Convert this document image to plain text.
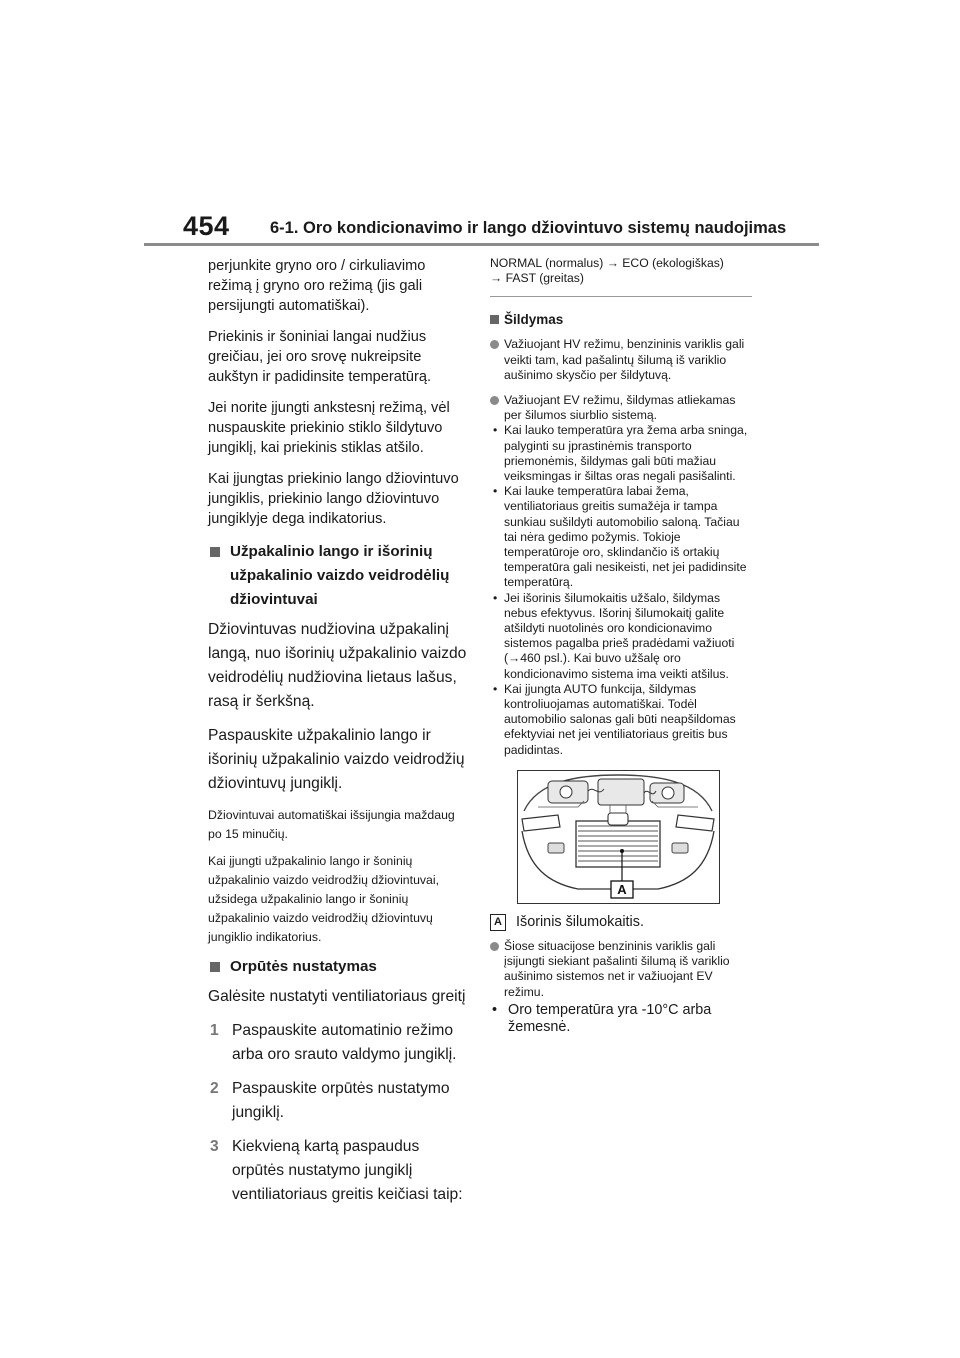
454 6-1. Oro kondicionavimo ir lango džiovintuvo sistemų naudojimas

perjunkite gryno oro / cirkuliavimo režimą į gryno oro režimą (jis gali persijungti automatiškai).

Priekinis ir šoniniai langai nudžius greičiau, jei oro srovę nukreipsite aukštyn ir padidinsite temperatūrą.

Jei norite įjungti ankstesnį režimą, vėl nuspauskite priekinio stiklo šildytuvo jungiklį, kai priekinis stiklas atšilo.

Kai įjungtas priekinio lango džiovintuvo jungiklis, priekinio lango džiovintuvo jungiklyje dega indikatorius.

Užpakalinio lango ir išorinių užpakalinio vaizdo veidrodėlių džiovintuvai

Džiovintuvas nudžiovina užpakalinį langą, nuo išorinių užpakalinio vaizdo veidrodėlių nudžiovina lietaus lašus, rasą ir šerkšną.

Paspauskite užpakalinio lango ir išorinių užpakalinio vaizdo veidrodžių džiovintuvų jungiklį.

Džiovintuvai automatiškai išsijungia maždaug po 15 minučių.

Kai įjungti užpakalinio lango ir šoninių užpakalinio vaizdo veidrodžių džiovintuvai, užsidega užpakalinio lango ir šoninių užpakalinio vaizdo veidrodžių džiovintuvų jungiklio indikatorius.

Orpūtės nustatymas

Galėsite nustatyti ventiliatoriaus greitį

1 Paspauskite automatinio režimo arba oro srauto valdymo jungiklį.
2 Paspauskite orpūtės nustatymo jungiklį.
3 Kiekvieną kartą paspaudus orpūtės nustatymo jungiklį ventiliatoriaus greitis keičiasi taip:
NORMAL (normalus) → ECO (ekologiškas)
→ FAST (greitas)
Šildymas
Važiuojant HV režimu, benzininis variklis gali veikti tam, kad pašalintų šilumą iš variklio aušinimo skysčio per šildytuvą.
Važiuojant EV režimu, šildymas atliekamas per šilumos siurblio sistemą.
• Kai lauko temperatūra yra žema arba sninga, palyginti su įprastinėmis transporto priemonėmis, šildymas gali būti mažiau veiksmingas ir šiltas oras negali pasišalinti.
• Kai lauke temperatūra labai žema, ventiliatoriaus greitis sumažėja ir tampa sunkiau sušildyti automobilio saloną. Tačiau tai nėra gedimo požymis. Tokioje temperatūroje oro, sklindančio iš ortakių temperatūra gali nesikeisti, net jei padidinsite temperatūrą.
• Jei išorinis šilumokaitis užšalo, šildymas nebus efektyvus. Išorinį šilumokaitį galite atšildyti nuotolinės oro kondicionavimo sistemos pagalba prieš pradėdami važiuoti (→460 psl.). Kai buvo užšalę oro kondicionavimo sistema ima veikti atšilus.
• Kai įjungta AUTO funkcija, šildymas kontroliuojamas automatiškai. Todėl automobilio salonas gali būti neapšildomas efektyviai net jei ventiliatoriaus greitis bus padidintas.
A
A Išorinis šilumokaitis.
Šiose situacijose benzininis variklis gali įsijungti siekiant pašalinti šilumą iš variklio aušinimo sistemos net ir važiuojant EV režimu.
• Oro temperatūra yra -10°C arba žemesnė.
